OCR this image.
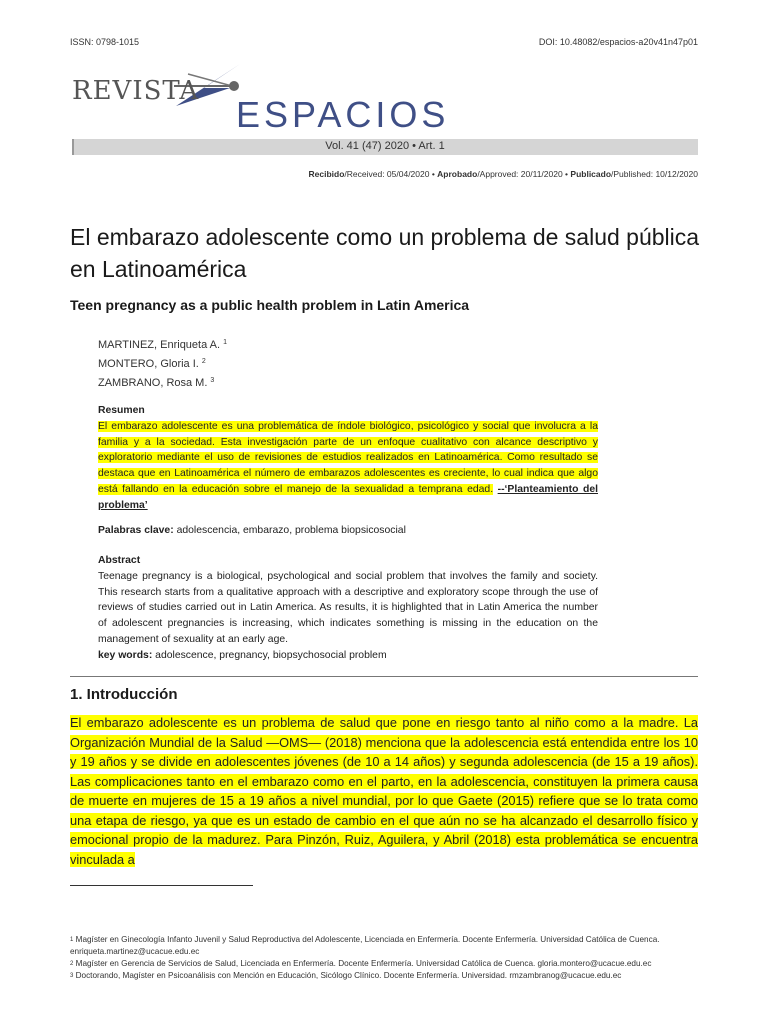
ISSN: 0798-1015	DOI: 10.48082/espacios-a20v41n47p01
REVISTA
ESPACIOS
Vol. 41 (47) 2020 • Art. 1
Recibido/Received: 05/04/2020 • Aprobado/Approved: 20/11/2020 • Publicado/Published: 10/12/2020
El embarazo adolescente como un problema de salud pública en Latinoamérica
Teen pregnancy as a public health problem in Latin America
MARTINEZ, Enriqueta A. $^1$
MONTERO, Gloria I. $^2$
ZAMBRANO, Rosa M. $^3$
Resumen
El embarazo adolescente es una problemática de índole biológico, psicológico y social que involucra a la familia y a la sociedad. Esta investigación parte de un enfoque cualitativo con alcance descriptivo y exploratorio mediante el uso de revisiones de estudios realizados en Latinoamérica. Como resultado se destaca que en Latinoamérica el número de embarazos adolescentes es creciente, lo cual indica que algo está fallando en la educación sobre el manejo de la sexualidad a temprana edad. --‘Planteamiento del problema’
Palabras clave: adolescencia, embarazo, problema biopsicosocial
Abstract
Teenage pregnancy is a biological, psychological and social problem that involves the family and society. This research starts from a qualitative approach with a descriptive and exploratory scope through the use of reviews of studies carried out in Latin America. As results, it is highlighted that in Latin America the number of adolescent pregnancies is increasing, which indicates something is missing in the education on the management of sexuality at an early age.
key words: adolescence, pregnancy, biopsychosocial problem
1. Introducción
El embarazo adolescente es un problema de salud que pone en riesgo tanto al niño como a la madre. La Organización Mundial de la Salud —OMS— (2018) menciona que la adolescencia está entendida entre los 10 y 19 años y se divide en adolescentes jóvenes (de 10 a 14 años) y segunda adolescencia (de 15 a 19 años). Las complicaciones tanto en el embarazo como en el parto, en la adolescencia, constituyen la primera causa de muerte en mujeres de 15 a 19 años a nivel mundial, por lo que Gaete (2015) refiere que se lo trata como una etapa de riesgo, ya que es un estado de cambio en el que aún no se ha alcanzado el desarrollo físico y emocional propio de la madurez. Para Pinzón, Ruiz, Aguilera, y Abril (2018) esta problemática se encuentra vinculada a
$^1$ Magíster en Ginecología Infanto Juvenil y Salud Reproductiva del Adolescente, Licenciada en Enfermería. Docente Enfermería. Universidad Católica de Cuenca. enriqueta.martinez@ucacue.edu.ec
$^2$ Magíster en Gerencia de Servicios de Salud, Licenciada en Enfermería. Docente Enfermería. Universidad Católica de Cuenca. gloria.montero@ucacue.edu.ec
$^3$ Doctorando, Magíster en Psicoanálisis con Mención en Educación, Sicólogo Clínico. Docente Enfermería. Universidad. rmzambranog@ucacue.edu.ec
